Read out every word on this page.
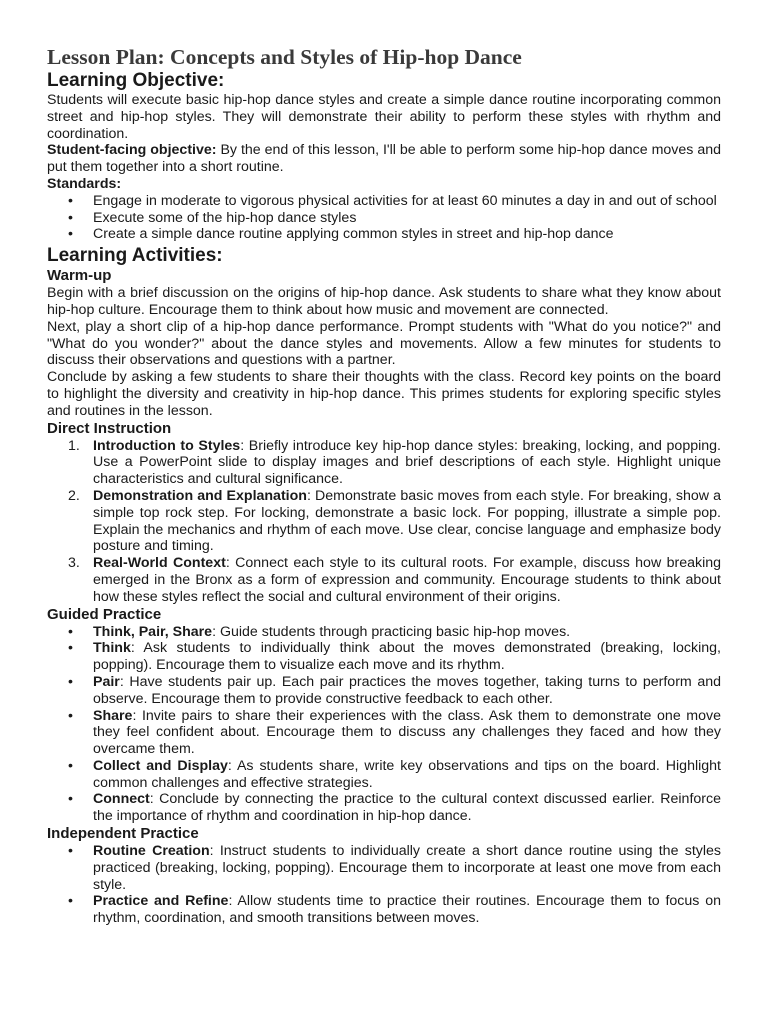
Lesson Plan: Concepts and Styles of Hip-hop Dance
Learning Objective:

Students will execute basic hip-hop dance styles and create a simple dance routine incorporating common street and hip-hop styles. They will demonstrate their ability to perform these styles with rhythm and coordination.

Student-facing objective: By the end of this lesson, I'll be able to perform some hip-hop dance moves and put them together into a short routine.

Standards:

• Engage in moderate to vigorous physical activities for at least 60 minutes a day in and out of school
• Execute some of the hip-hop dance styles
• Create a simple dance routine applying common styles in street and hip-hop dance
Learning Activities:
Warm-up

Begin with a brief discussion on the origins of hip-hop dance. Ask students to share what they know about hip-hop culture. Encourage them to think about how music and movement are connected.

Next, play a short clip of a hip-hop dance performance. Prompt students with "What do you notice?" and "What do you wonder?" about the dance styles and movements. Allow a few minutes for students to discuss their observations and questions with a partner.

Conclude by asking a few students to share their thoughts with the class. Record key points on the board to highlight the diversity and creativity in hip-hop dance. This primes students for exploring specific styles and routines in the lesson.

Direct Instruction
1. Introduction to Styles: Briefly introduce key hip-hop dance styles: breaking, locking, and popping. Use a PowerPoint slide to display images and brief descriptions of each style. Highlight unique characteristics and cultural significance.
2. Demonstration and Explanation: Demonstrate basic moves from each style. For breaking, show a simple top rock step. For locking, demonstrate a basic lock. For popping, illustrate a simple pop. Explain the mechanics and rhythm of each move. Use clear, concise language and emphasize body posture and timing.
3. Real-World Context: Connect each style to its cultural roots. For example, discuss how breaking emerged in the Bronx as a form of expression and community. Encourage students to think about how these styles reflect the social and cultural environment of their origins.
Guided Practice
• Think, Pair, Share: Guide students through practicing basic hip-hop moves.
• Think: Ask students to individually think about the moves demonstrated (breaking, locking, popping). Encourage them to visualize each move and its rhythm.
• Pair: Have students pair up. Each pair practices the moves together, taking turns to perform and observe. Encourage them to provide constructive feedback to each other.
• Share: Invite pairs to share their experiences with the class. Ask them to demonstrate one move they feel confident about. Encourage them to discuss any challenges they faced and how they overcame them.
• Collect and Display: As students share, write key observations and tips on the board. Highlight common challenges and effective strategies.
• Connect: Conclude by connecting the practice to the cultural context discussed earlier. Reinforce the importance of rhythm and coordination in hip-hop dance.
Independent Practice
• Routine Creation: Instruct students to individually create a short dance routine using the styles practiced (breaking, locking, popping). Encourage them to incorporate at least one move from each style.
• Practice and Refine: Allow students time to practice their routines. Encourage them to focus on rhythm, coordination, and smooth transitions between moves.
